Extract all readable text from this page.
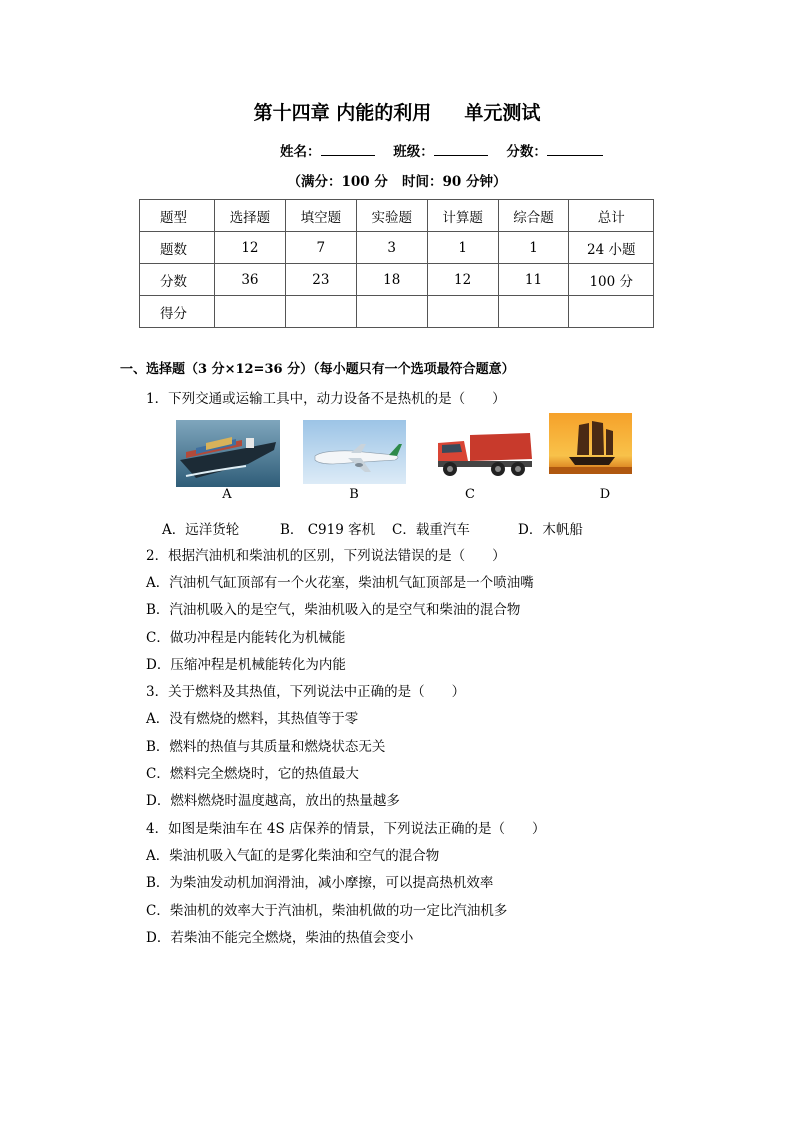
第十四章 内能的利用     单元测试
姓名：	班级：	分数：
（满分：100 分   时间：90 分钟）
题型	选择题	填空题	实验题	计算题	综合题	总计
题数	12	7	3	1	1	24 小题
分数	36	23	18	12	11	100 分
得分						
一、选择题（3 分×12=36 分）（每小题只有一个选项最符合题意）
1．下列交通或运输工具中，动力设备不是热机的是（　　）
A	B	C	D
A．远洋货轮	B． C919 客机 C．载重汽车	D．木帆船
2．根据汽油机和柴油机的区别，下列说法错误的是（　　）
A．汽油机气缸顶部有一个火花塞，柴油机气缸顶部是一个喷油嘴
B．汽油机吸入的是空气，柴油机吸入的是空气和柴油的混合物
C．做功冲程是内能转化为机械能
D．压缩冲程是机械能转化为内能
3．关于燃料及其热值，下列说法中正确的是（　　）
A．没有燃烧的燃料，其热值等于零
B．燃料的热值与其质量和燃烧状态无关
C．燃料完全燃烧时，它的热值最大
D．燃料燃烧时温度越高，放出的热量越多
4．如图是柴油车在 4S 店保养的情景，下列说法正确的是（　　）
A．柴油机吸入气缸的是雾化柴油和空气的混合物
B．为柴油发动机加润滑油，减小摩擦，可以提高热机效率
C．柴油机的效率大于汽油机，柴油机做的功一定比汽油机多
D．若柴油不能完全燃烧，柴油的热值会变小
